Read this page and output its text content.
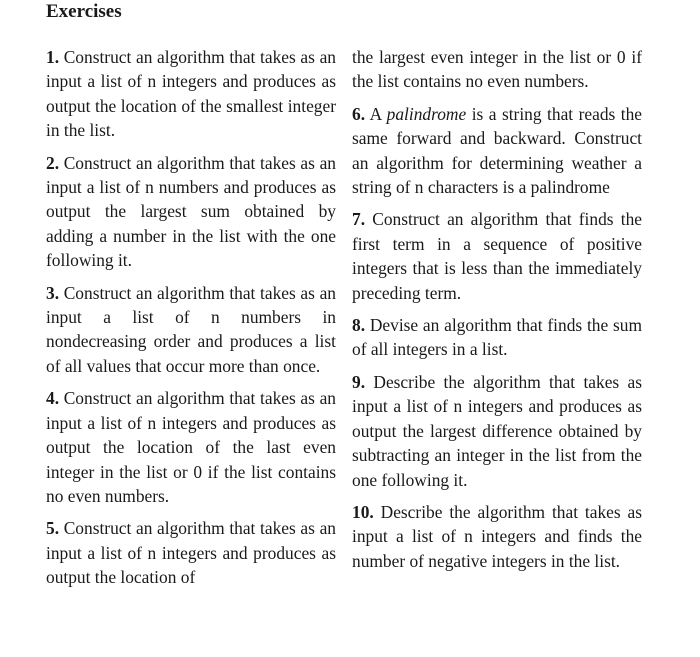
Exercises

1. Construct an algorithm that takes as an input a list of n integers and produces as output the location of the smallest integer in the list.

2. Construct an algorithm that takes as an input a list of n numbers and produces as output the largest sum obtained by adding a number in the list with the one following it.

3. Construct an algorithm that takes as an input a list of n numbers in nondecreasing order and produces a list of all values that occur more than once.

4. Construct an algorithm that takes as an input a list of n integers and produces as output the location of the last even integer in the list or 0 if the list contains no even numbers.

5. Construct an algorithm that takes as an input a list of n integers and produces as output the location of

the largest even integer in the list or 0 if the list contains no even numbers.

6. A palindrome is a string that reads the same forward and backward. Construct an algorithm for determining weather a string of n characters is a palindrome

7. Construct an algorithm that finds the first term in a sequence of positive integers that is less than the immediately preceding term.

8. Devise an algorithm that finds the sum of all integers in a list.

9. Describe the algorithm that takes as input a list of n integers and produces as output the largest difference obtained by subtracting an integer in the list from the one following it.

10. Describe the algorithm that takes as input a list of n integers and finds the number of negative integers in the list.
